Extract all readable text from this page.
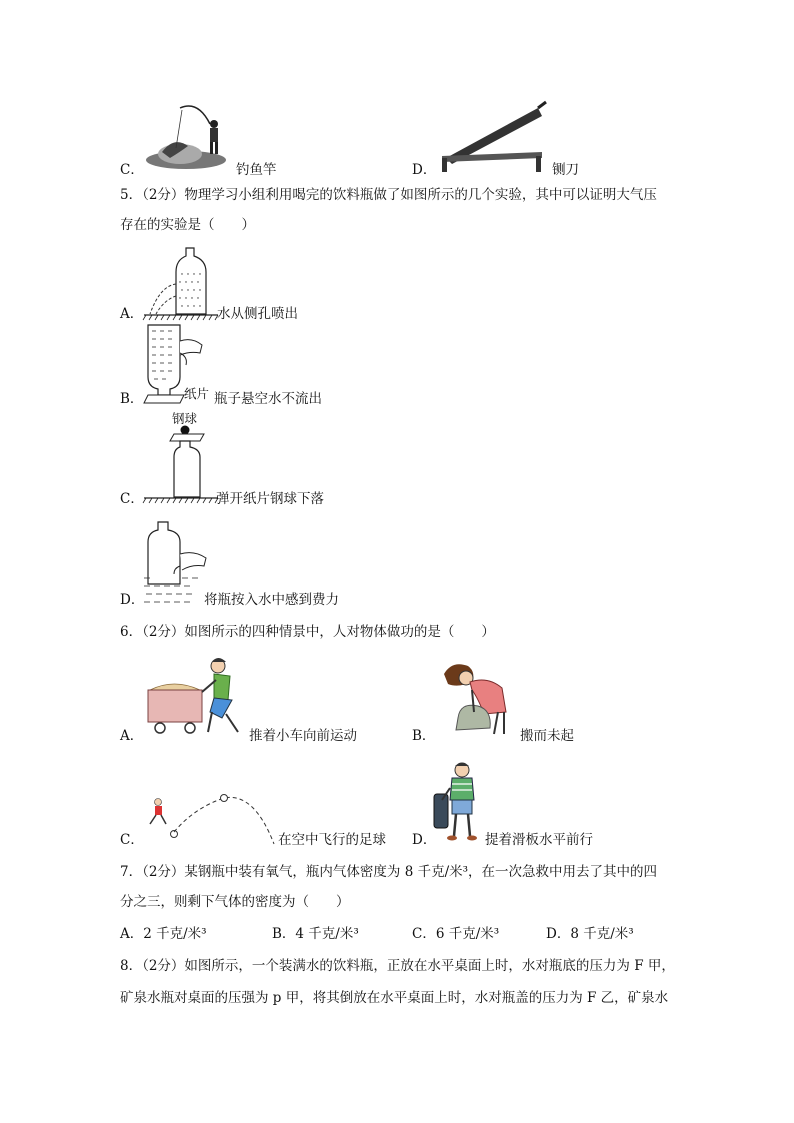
C．	钓鱼竿	D．	铡刀
5．（2分）物理学习小组利用喝完的饮料瓶做了如图所示的几个实验，其中可以证明大气压
存在的实验是（　　）
A．	水从侧孔喷出
B．	纸片 瓶子悬空水不流出
C．
钢球
弹开纸片钢球下落
D．	将瓶按入水中感到费力
6．（2分）如图所示的四种情景中，人对物体做功的是（　　）
A．	推着小车向前运动	B．	搬而未起
C．	在空中飞行的足球 D．	提着滑板水平前行
7．（2分）某钢瓶中装有氧气，瓶内气体密度为 8 千克/米³，在一次急救中用去了其中的四
分之三，则剩下气体的密度为（　　）
A．2 千克/米³	B．4 千克/米³	C．6 千克/米³	D．8 千克/米³
8．（2分）如图所示，一个装满水的饮料瓶，正放在水平桌面上时，水对瓶底的压力为 F 甲，
矿泉水瓶对桌面的压强为 p 甲，将其倒放在水平桌面上时，水对瓶盖的压力为 F 乙，矿泉水
